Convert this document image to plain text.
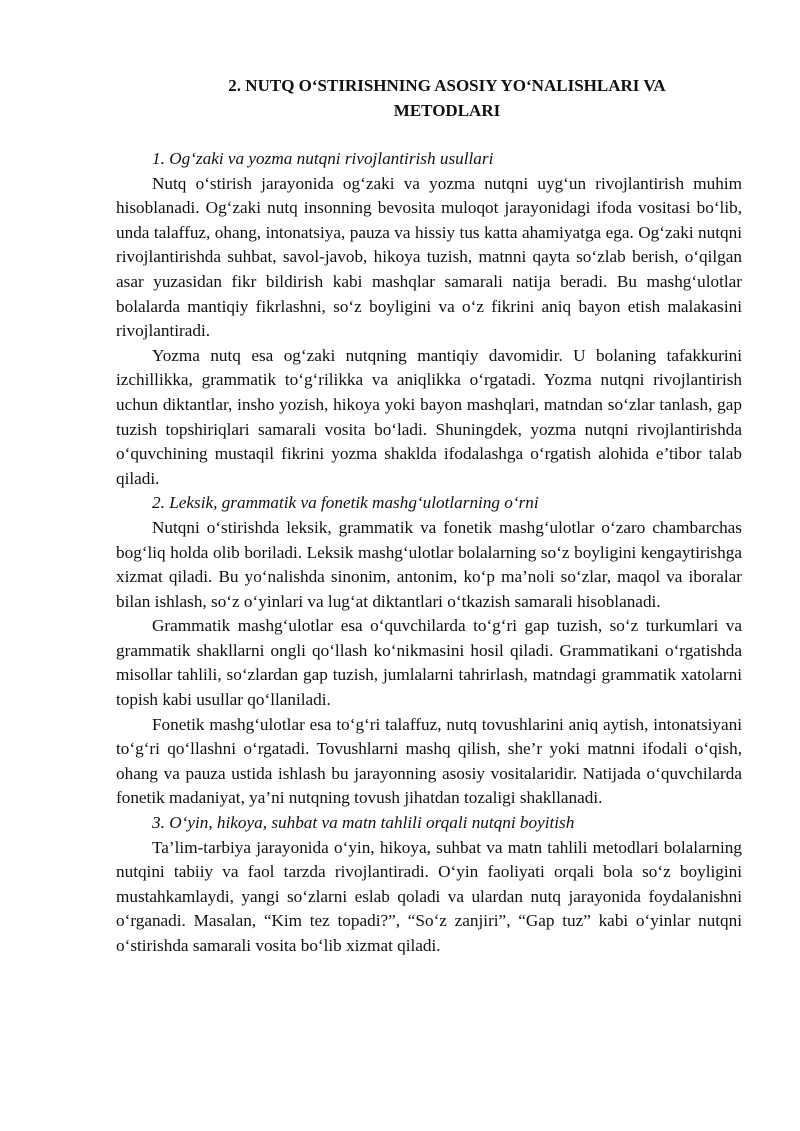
2. NUTQ O‘STIRISHNING ASOSIY YO‘NALISHLARI VA
METODLARI

1. Og‘zaki va yozma nutqni rivojlantirish usullari

Nutq o‘stirish jarayonida og‘zaki va yozma nutqni uyg‘un rivojlantirish muhim hisoblanadi. Og‘zaki nutq insonning bevosita muloqot jarayonidagi ifoda vositasi bo‘lib, unda talaffuz, ohang, intonatsiya, pauza va hissiy tus katta ahamiyatga ega. Og‘zaki nutqni rivojlantirishda suhbat, savol-javob, hikoya tuzish, matnni qayta so‘zlab berish, o‘qilgan asar yuzasidan fikr bildirish kabi mashqlar samarali natija beradi. Bu mashg‘ulotlar bolalarda mantiqiy fikrlashni, so‘z boyligini va o‘z fikrini aniq bayon etish malakasini rivojlantiradi.

Yozma nutq esa og‘zaki nutqning mantiqiy davomidir. U bolaning tafakkurini izchillikka, grammatik to‘g‘rilikka va aniqlikka o‘rgatadi. Yozma nutqni rivojlantirish uchun diktantlar, insho yozish, hikoya yoki bayon mashqlari, matndan so‘zlar tanlash, gap tuzish topshiriqlari samarali vosita bo‘ladi. Shuningdek, yozma nutqni rivojlantirishda o‘quvchining mustaqil fikrini yozma shaklda ifodalashga o‘rgatish alohida e’tibor talab qiladi.

2. Leksik, grammatik va fonetik mashg‘ulotlarning o‘rni

Nutqni o‘stirishda leksik, grammatik va fonetik mashg‘ulotlar o‘zaro chambarchas bog‘liq holda olib boriladi. Leksik mashg‘ulotlar bolalarning so‘z boyligini kengaytirishga xizmat qiladi. Bu yo‘nalishda sinonim, antonim, ko‘p ma’noli so‘zlar, maqol va iboralar bilan ishlash, so‘z o‘yinlari va lug‘at diktantlari o‘tkazish samarali hisoblanadi.

Grammatik mashg‘ulotlar esa o‘quvchilarda to‘g‘ri gap tuzish, so‘z turkumlari va grammatik shakllarni ongli qo‘llash ko‘nikmasini hosil qiladi. Grammatikani o‘rgatishda misollar tahlili, so‘zlardan gap tuzish, jumlalarni tahrirlash, matndagi grammatik xatolarni topish kabi usullar qo‘llaniladi.

Fonetik mashg‘ulotlar esa to‘g‘ri talaffuz, nutq tovushlarini aniq aytish, intonatsiyani to‘g‘ri qo‘llashni o‘rgatadi. Tovushlarni mashq qilish, she’r yoki matnni ifodali o‘qish, ohang va pauza ustida ishlash bu jarayonning asosiy vositalaridir. Natijada o‘quvchilarda fonetik madaniyat, ya’ni nutqning tovush jihatdan tozaligi shakllanadi.

3. O‘yin, hikoya, suhbat va matn tahlili orqali nutqni boyitish

Ta’lim-tarbiya jarayonida o‘yin, hikoya, suhbat va matn tahlili metodlari bolalarning nutqini tabiiy va faol tarzda rivojlantiradi. O‘yin faoliyati orqali bola so‘z boyligini mustahkamlaydi, yangi so‘zlarni eslab qoladi va ulardan nutq jarayonida foydalanishni o‘rganadi. Masalan, “Kim tez topadi?”, “So‘z zanjiri”, “Gap tuz” kabi o‘yinlar nutqni o‘stirishda samarali vosita bo‘lib xizmat qiladi.
